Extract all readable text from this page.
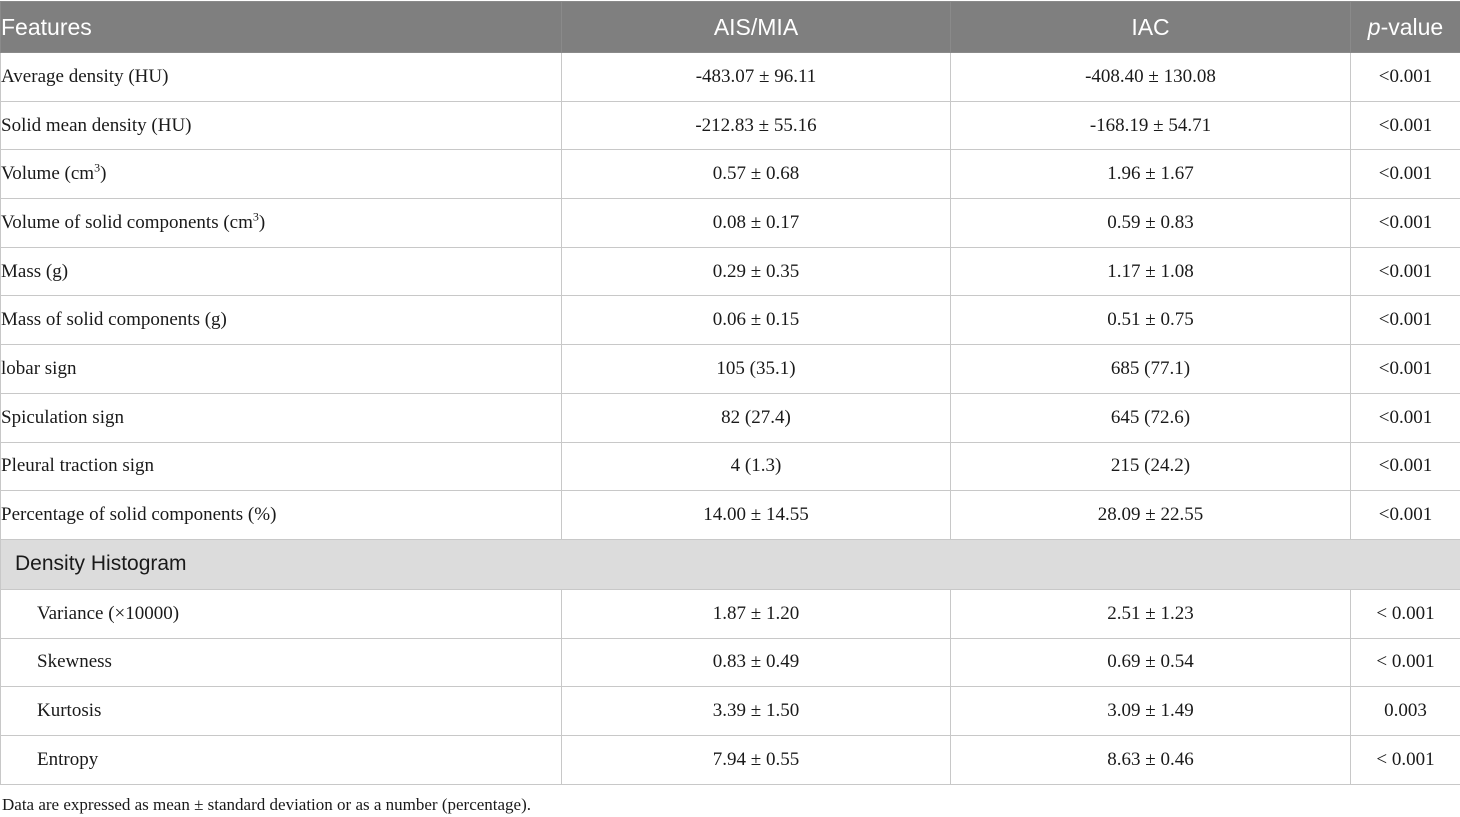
Features	AIS/MIA	IAC	p-value
Average density (HU)	-483.07 ± 96.11	-408.40 ± 130.08	<0.001
Solid mean density (HU)	-212.83 ± 55.16	-168.19 ± 54.71	<0.001
Volume $(cm^3)$	0.57 ± 0.68	1.96 ± 1.67	<0.001
Volume of solid components $(cm^3)$	0.08 ± 0.17	0.59 ± 0.83	<0.001
Mass (g)	0.29 ± 0.35	1.17 ± 1.08	<0.001
Mass of solid components (g)	0.06 ± 0.15	0.51 ± 0.75	<0.001
lobar sign	105 (35.1)	685 (77.1)	<0.001
Spiculation sign	82 (27.4)	645 (72.6)	<0.001
Pleural traction sign	4 (1.3)	215 (24.2)	<0.001
Percentage of solid components (%)	14.00 ± 14.55	28.09 ± 22.55	<0.001
Density Histogram			
Variance (×10000)	1.87 ± 1.20	2.51 ± 1.23	< 0.001
Skewness	0.83 ± 0.49	0.69 ± 0.54	< 0.001
Kurtosis	3.39 ± 1.50	3.09 ± 1.49	0.003
Entropy	7.94 ± 0.55	8.63 ± 0.46	< 0.001
Data are expressed as mean ± standard deviation or as a number (percentage).
